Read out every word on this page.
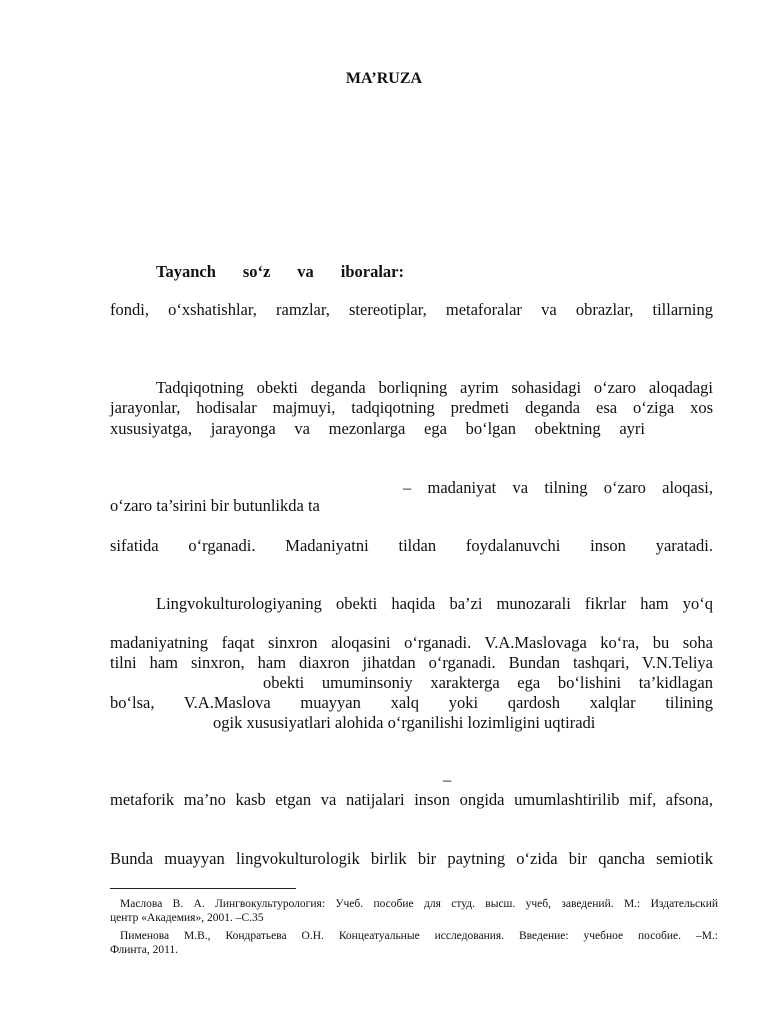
MA’RUZA
Tayanch so‘z va iboralar:
fondi, o‘xshatishlar, ramzlar, stereotiplar, metaforalar va obrazlar, tillarning
Tadqiqotning obekti deganda borliqning ayrim sohasidagi o‘zaro aloqadagi
jarayonlar, hodisalar majmuyi, tadqiqotning predmeti deganda esa o‘ziga xos
xususiyatga, jarayonga va mezonlarga ega bo‘lgan obektning ayri
– madaniyat va tilning o‘zaro aloqasi,
o‘zaro ta’sirini bir butunlikda ta
sifatida o‘rganadi. Madaniyatni tildan foydalanuvchi inson yaratadi.
Lingvokulturologiyaning obekti haqida ba’zi munozarali fikrlar ham yo‘q
madaniyatning faqat sinxron aloqasini o‘rganadi. V.A.Maslovaga ko‘ra, bu soha
tilni ham sinxron, ham diaxron jihatdan o‘rganadi. Bundan tashqari, V.N.Teliya
obekti umuminsoniy xarakterga ega bo‘lishini ta’kidlagan
bo‘lsa, V.A.Maslova muayyan xalq yoki qardosh xalqlar tilining
ogik xususiyatlari alohida o‘rganilishi lozimligini uqtiradi
–
metaforik ma’no kasb etgan va natijalari inson ongida umumlashtirilib mif, afsona,
Bunda muayyan lingvokulturologik birlik bir paytning o‘zida bir qancha semiotik
Маслова В. А. Лингвокультурология: Учеб. пособие для студ. высш. учеб, заведений. М.: Издательский
центр «Академия», 2001. –С.35
Пименова М.В., Кондратьева О.Н. Концеатуальные исследования. Введение: учебное пособие. –М.:
Флинта, 2011.
